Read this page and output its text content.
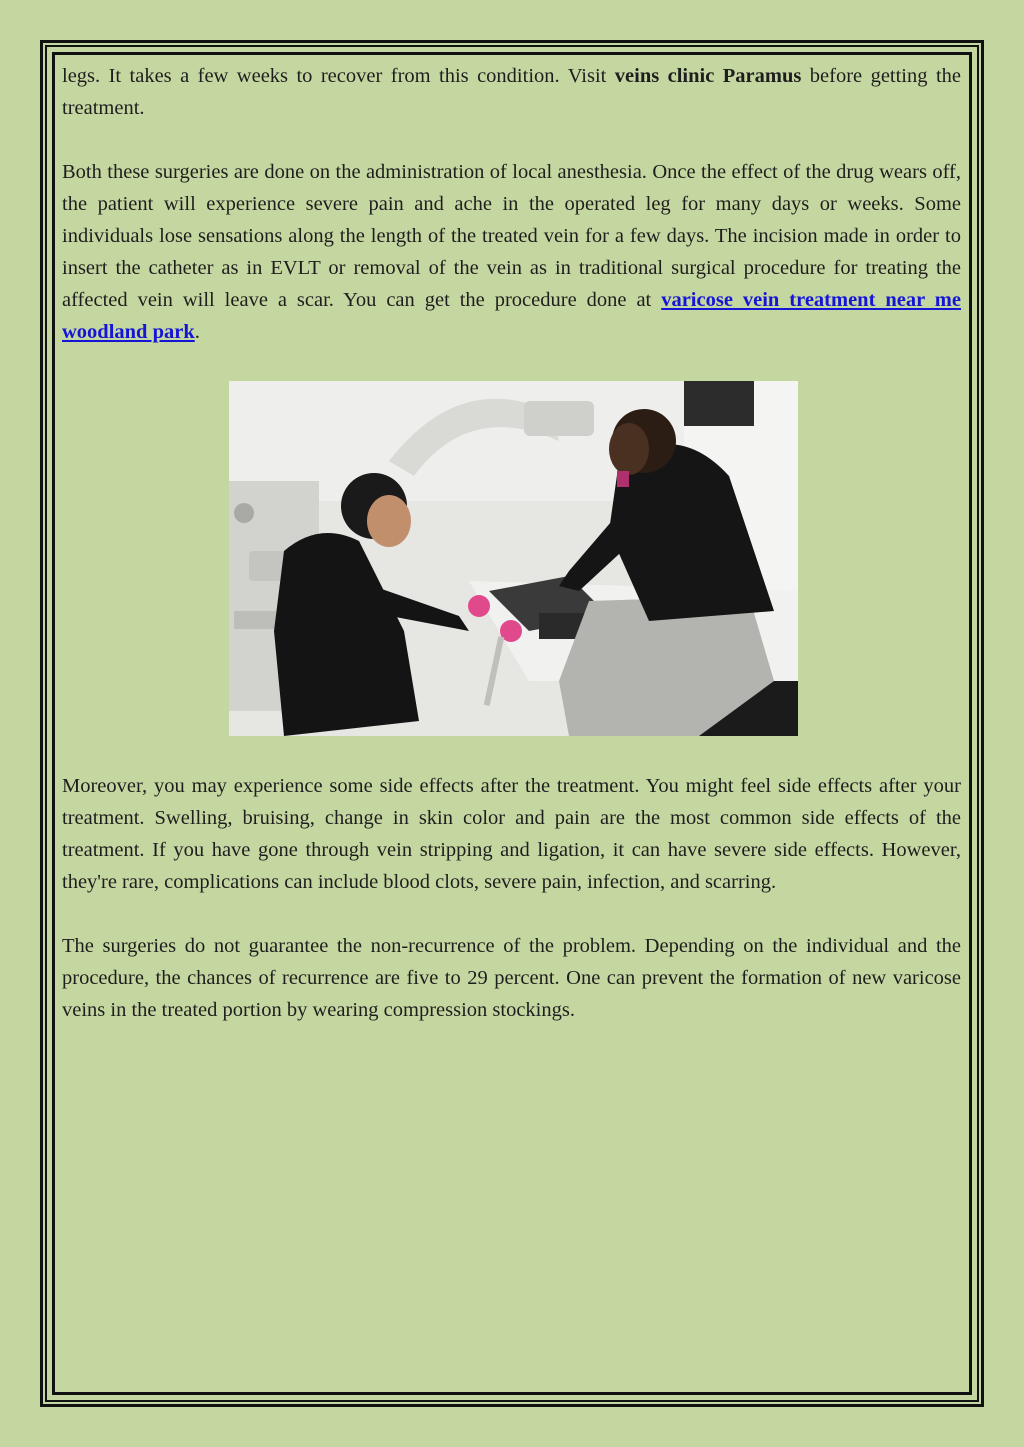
legs. It takes a few weeks to recover from this condition. Visit veins clinic Paramus before getting the treatment.

Both these surgeries are done on the administration of local anesthesia. Once the effect of the drug wears off, the patient will experience severe pain and ache in the operated leg for many days or weeks. Some individuals lose sensations along the length of the treated vein for a few days. The incision made in order to insert the catheter as in EVLT or removal of the vein as in traditional surgical procedure for treating the affected vein will leave a scar. You can get the procedure done at varicose vein treatment near me woodland park.

Moreover, you may experience some side effects after the treatment. You might feel side effects after your treatment. Swelling, bruising, change in skin color and pain are the most common side effects of the treatment. If you have gone through vein stripping and ligation, it can have severe side effects. However, they're rare, complications can include blood clots, severe pain, infection, and scarring.

The surgeries do not guarantee the non-recurrence of the problem. Depending on the individual and the procedure, the chances of recurrence are five to 29 percent. One can prevent the formation of new varicose veins in the treated portion by wearing compression stockings.
